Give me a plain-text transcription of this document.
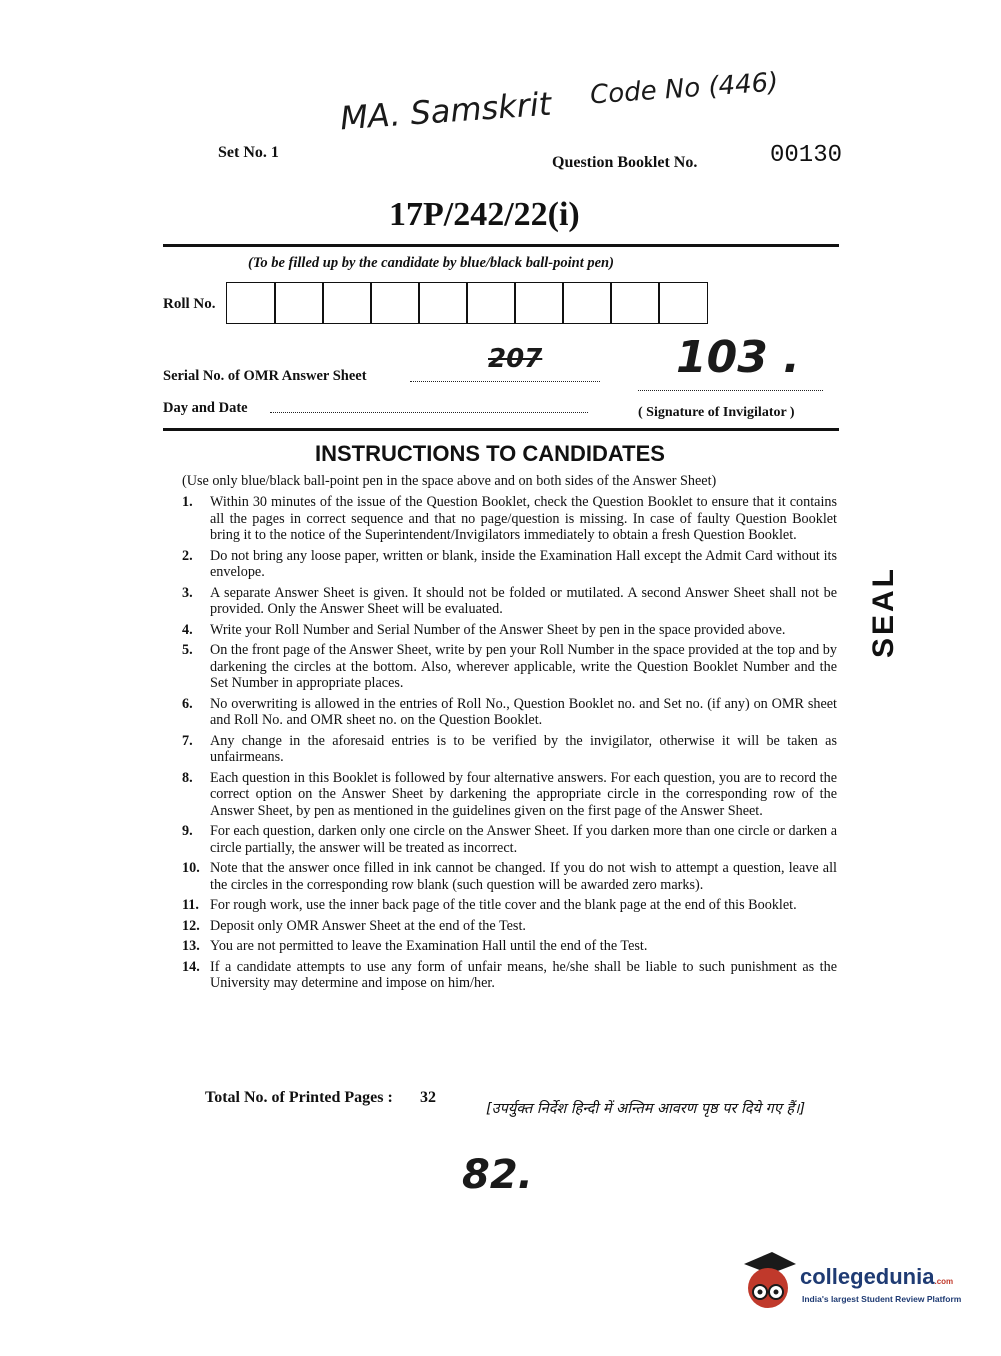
MA. Samskrit Code No (446)
Set No. 1
Question Booklet No.	00130
17P/242/22(i)
(To be filled up by the candidate by blue/black ball-point pen)
Roll No.
Serial No. of OMR Answer Sheet
207	103 .
Day and Date	( Signature of Invigilator )
INSTRUCTIONS TO CANDIDATES
(Use only blue/black ball-point pen in the space above and on both sides of the Answer Sheet)
1.	Within 30 minutes of the issue of the Question Booklet, check the Question Booklet to ensure that it contains all the pages in correct sequence and that no page/question is missing. In case of faulty Question Booklet bring it to the notice of the Superintendent/Invigilators immediately to obtain a fresh Question Booklet.
2.	Do not bring any loose paper, written or blank, inside the Examination Hall except the Admit Card without its envelope.
3.	A separate Answer Sheet is given. It should not be folded or mutilated. A second Answer Sheet shall not be provided. Only the Answer Sheet will be evaluated.
4.	Write your Roll Number and Serial Number of the Answer Sheet by pen in the space provided above.
5.	On the front page of the Answer Sheet, write by pen your Roll Number in the space provided at the top and by darkening the circles at the bottom. Also, wherever applicable, write the Question Booklet Number and the Set Number in appropriate places.
6.	No overwriting is allowed in the entries of Roll No., Question Booklet no. and Set no. (if any) on OMR sheet and Roll No. and OMR sheet no. on the Question Booklet.
7.	Any change in the aforesaid entries is to be verified by the invigilator, otherwise it will be taken as unfairmeans.
8.	Each question in this Booklet is followed by four alternative answers. For each question, you are to record the correct option on the Answer Sheet by darkening the appropriate circle in the corresponding row of the Answer Sheet, by pen as mentioned in the guidelines given on the first page of the Answer Sheet.
9.	For each question, darken only one circle on the Answer Sheet. If you darken more than one circle or darken a circle partially, the answer will be treated as incorrect.
10. Note that the answer once filled in ink cannot be changed. If you do not wish to attempt a question, leave all the circles in the corresponding row blank (such question will be awarded zero marks).
11. For rough work, use the inner back page of the title cover and the blank page at the end of this Booklet.
12. Deposit only OMR Answer Sheet at the end of the Test.
13. You are not permitted to leave the Examination Hall until the end of the Test.
14. If a candidate attempts to use any form of unfair means, he/she shall be liable to such punishment as the University may determine and impose on him/her.
SEAL
Total No. of Printed Pages : 32
[उपर्युक्त निर्देश हिन्दी में अन्तिम आवरण पृष्ठ पर दिये गए हैं।]
82.
collegedunia.com
India's largest Student Review Platform
